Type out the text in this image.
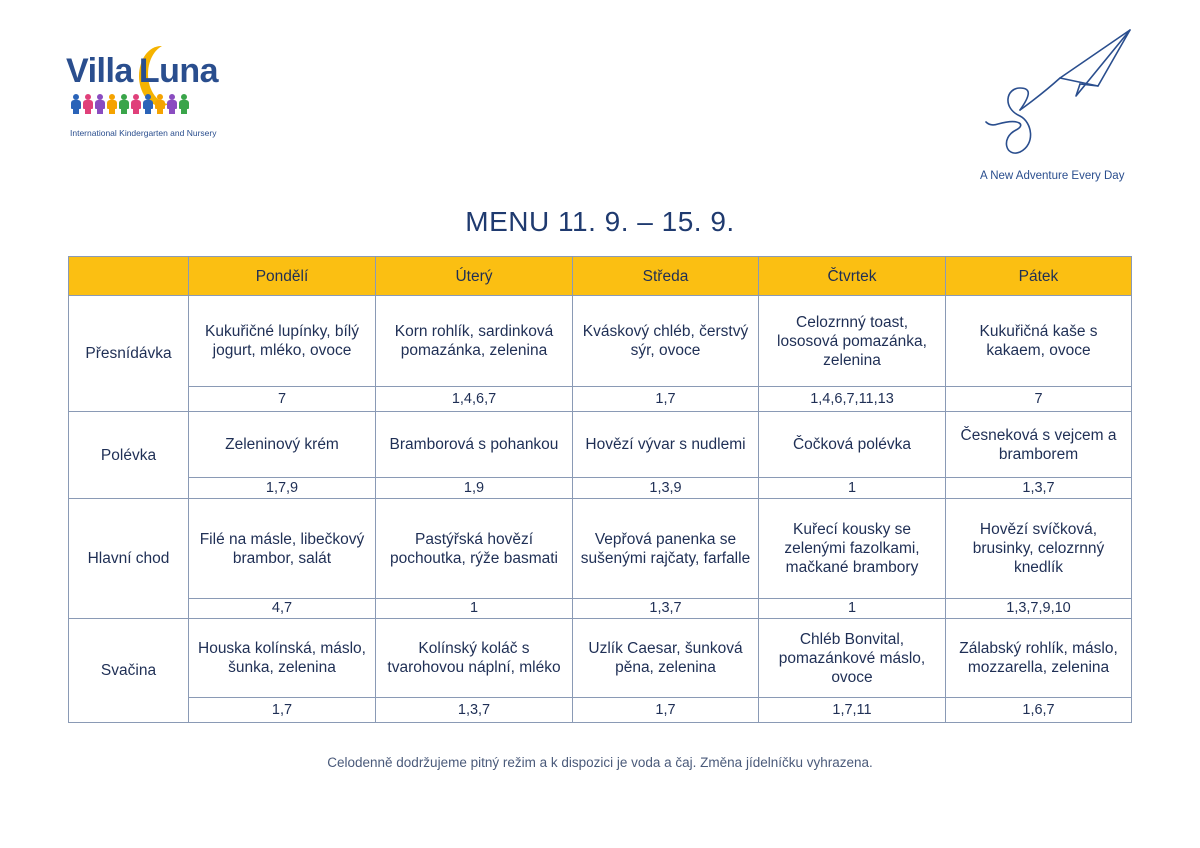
Villa Luna
International Kindergarten and Nursery
A New Adventure Every Day
MENU 11. 9. – 15. 9.
	Pondělí	Úterý	Středa	Čtvrtek	Pátek
Přesnídávka	Kukuřičné lupínky, bílý jogurt, mléko, ovoce	Korn rohlík, sardinková pomazánka, zelenina	Kváskový chléb, čerstvý sýr, ovoce	Celozrnný toast, lososová pomazánka, zelenina	Kukuřičná kaše s kakaem, ovoce
	7	1,4,6,7	1,7	1,4,6,7,11,13	7
Polévka	Zeleninový krém	Bramborová s pohankou	Hovězí vývar s nudlemi	Čočková polévka	Česneková s vejcem a bramborem
	1,7,9	1,9	1,3,9	1	1,3,7
Hlavní chod	Filé na másle, libečkový brambor, salát	Pastýřská hovězí pochoutka, rýže basmati	Vepřová panenka se sušenými rajčaty, farfalle	Kuřecí kousky se zelenými fazolkami, mačkané brambory	Hovězí svíčková, brusinky, celozrnný knedlík
	4,7	1	1,3,7	1	1,3,7,9,10
Svačina	Houska kolínská, máslo, šunka, zelenina	Kolínský koláč s tvarohovou náplní, mléko	Uzlík Caesar, šunková pěna, zelenina	Chléb Bonvital, pomazánkové máslo, ovoce	Zálabský rohlík, máslo, mozzarella, zelenina
	1,7	1,3,7	1,7	1,7,11	1,6,7
Celodenně dodržujeme pitný režim a k dispozici je voda a čaj. Změna jídelníčku vyhrazena.
